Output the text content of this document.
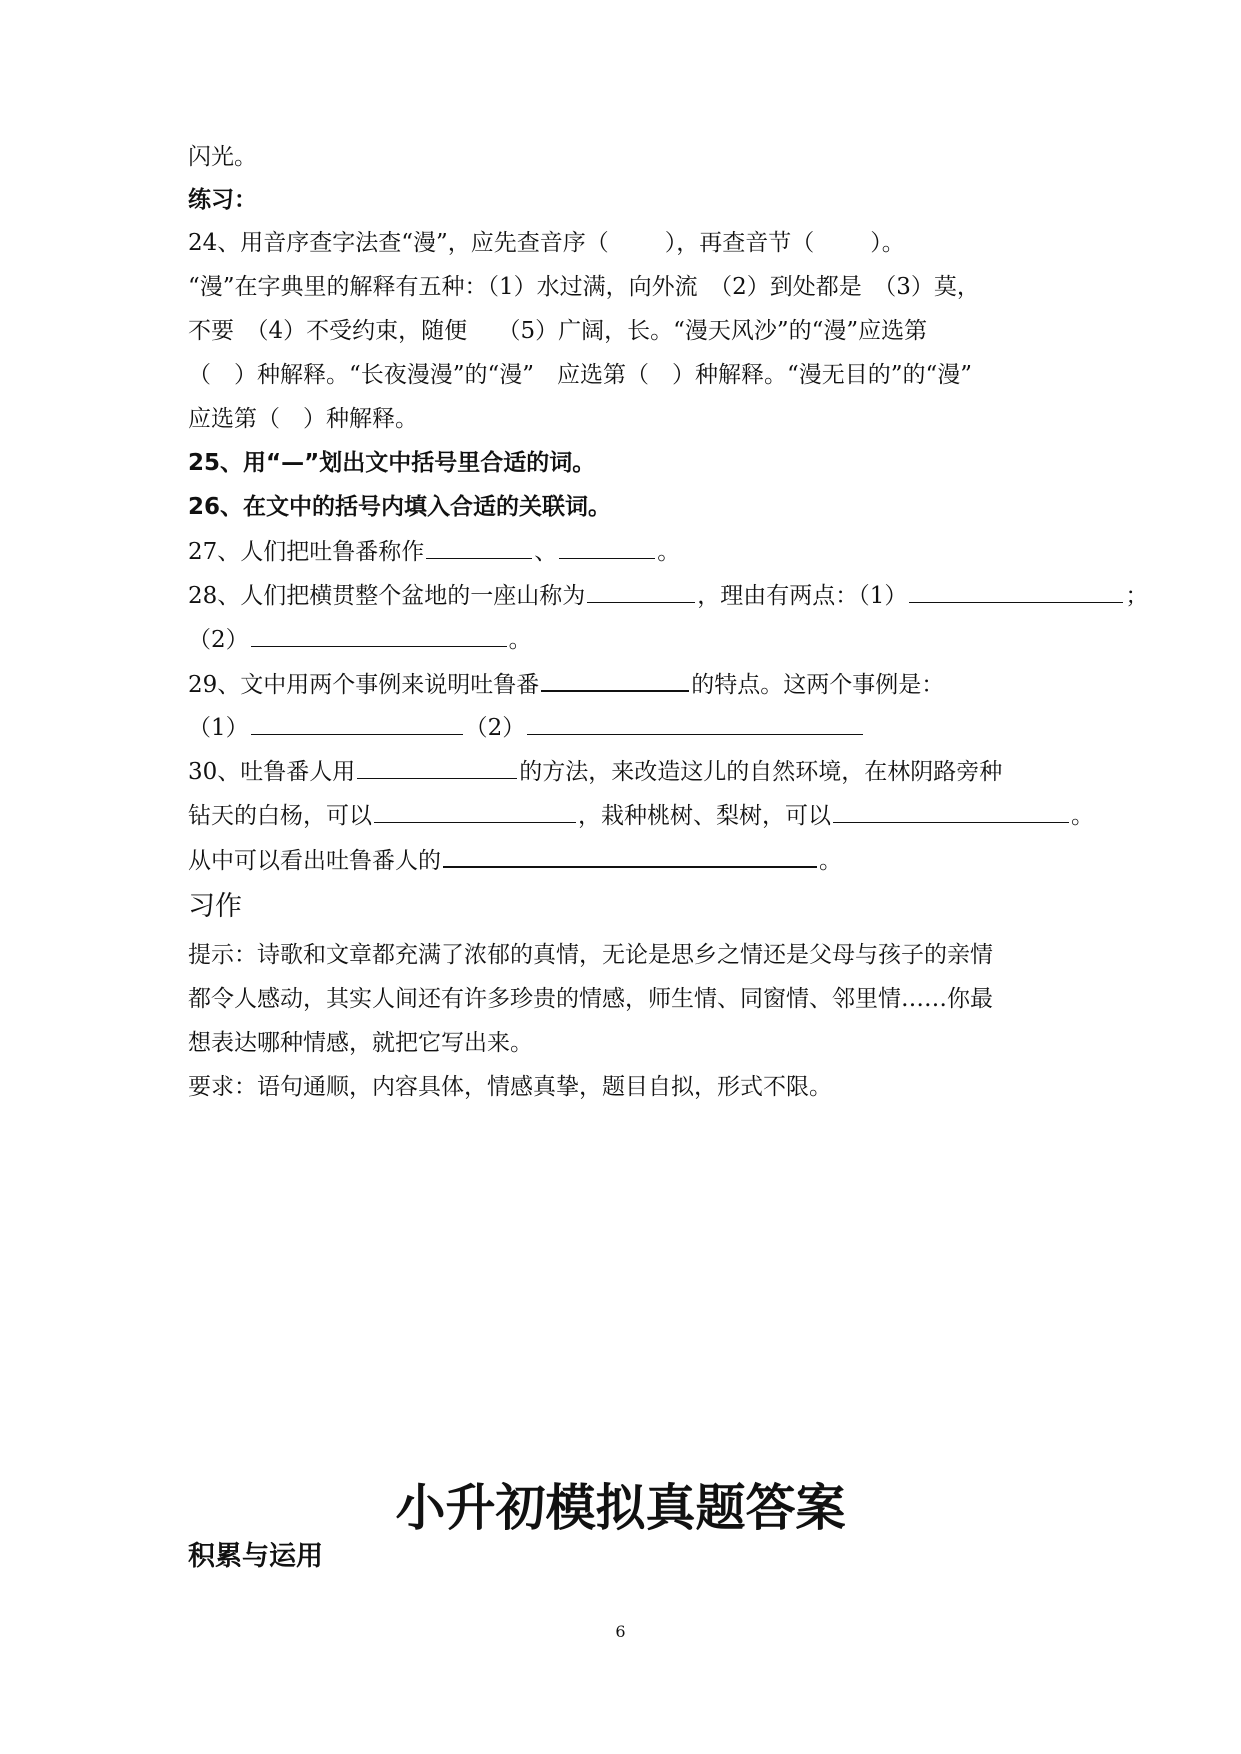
闪光。
练习：
24、用音序查字法查“漫”，应先查音序（ ），再查音节（ ）。
“漫”在字典里的解释有五种：（1）水过满，向外流　（2）到处都是　（3）莫，
不要　（4）不受约束，随便　 （5）广阔，长。“漫天风沙”的“漫”应选第
（　）种解释。“长夜漫漫”的“漫”　应选第（　）种解释。“漫无目的”的“漫”
应选第（　）种解释。
25、用“—”划出文中括号里合适的词。
26、在文中的括号内填入合适的关联词。
27、人们把吐鲁番称作	、	。
28、人们把横贯整个盆地的一座山称为	，理由有两点：（1）	；
（2）	。
29、文中用两个事例来说明吐鲁番	的特点。这两个事例是：
（1）	（2）
30、吐鲁番人用	的方法，来改造这儿的自然环境，在林阴路旁种
钻天的白杨，可以	，栽种桃树、梨树，可以	。
从中可以看出吐鲁番人的	。
习作
提示：诗歌和文章都充满了浓郁的真情，无论是思乡之情还是父母与孩子的亲情
都令人感动，其实人间还有许多珍贵的情感，师生情、同窗情、邻里情……你最
想表达哪种情感，就把它写出来。
要求：语句通顺，内容具体，情感真挚，题目自拟，形式不限。
小升初模拟真题答案
积累与运用
6
